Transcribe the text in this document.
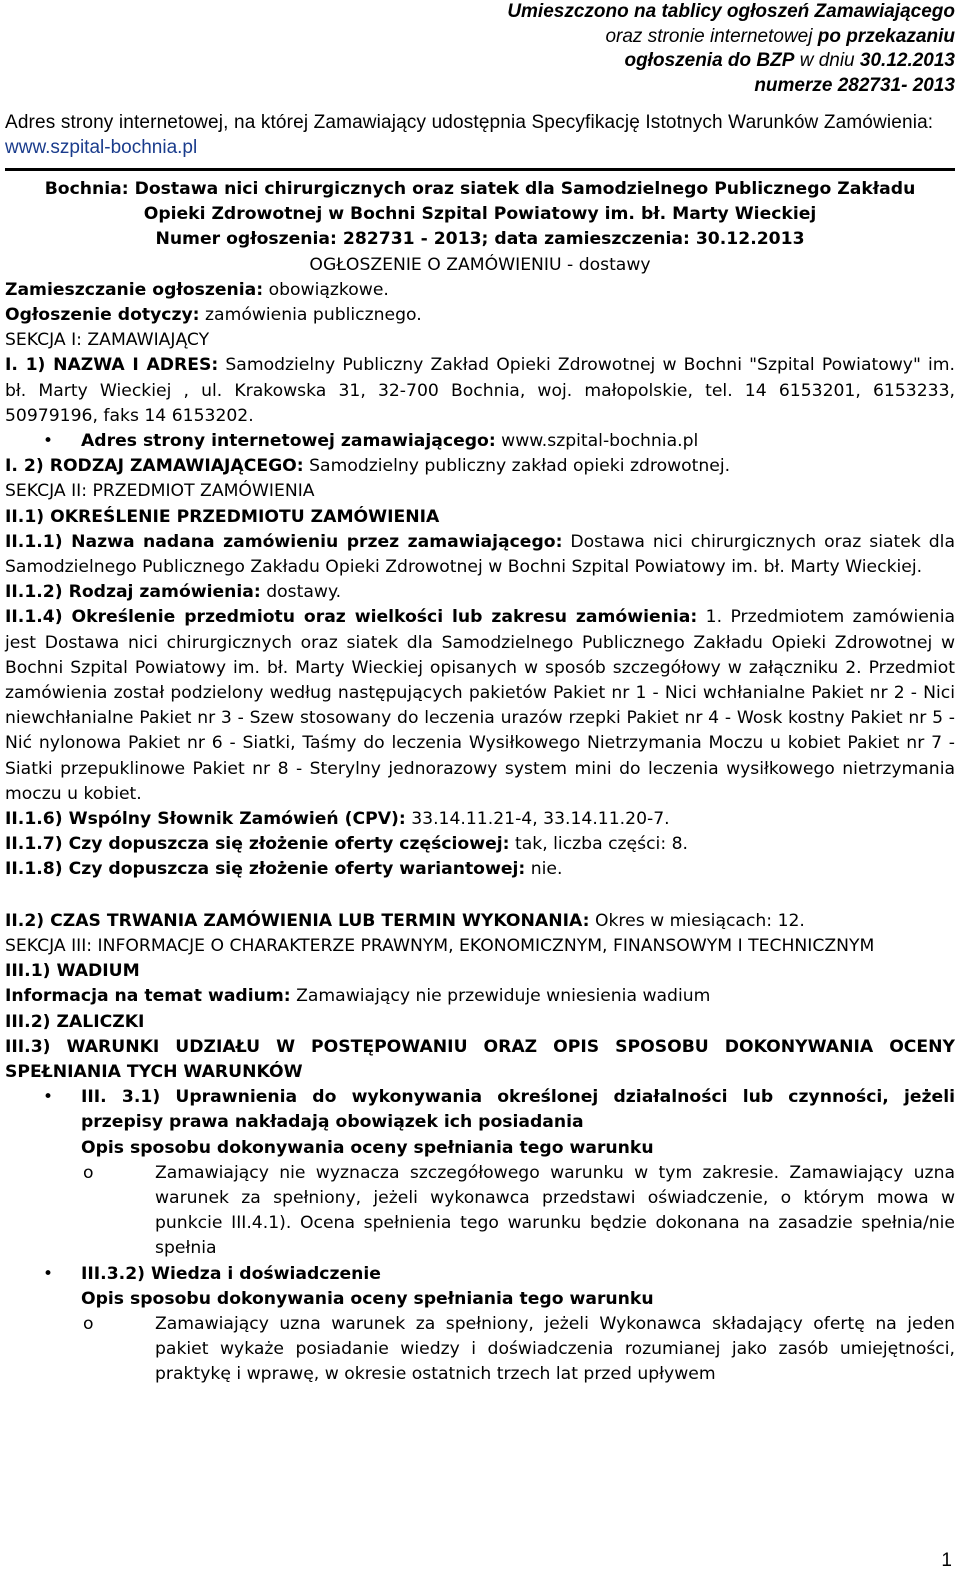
Umieszczono na tablicy ogłoszeń Zamawiającego
oraz stronie internetowej po przekazaniu
ogłoszenia do BZP w dniu 30.12.2013
numerze 282731- 2013
Adres strony internetowej, na której Zamawiający udostępnia Specyfikację Istotnych Warunków Zamówienia:
www.szpital-bochnia.pl
Bochnia: Dostawa nici chirurgicznych oraz siatek dla Samodzielnego Publicznego Zakładu
Opieki Zdrowotnej w Bochni Szpital Powiatowy im. bł. Marty Wieckiej
Numer ogłoszenia: 282731 - 2013; data zamieszczenia: 30.12.2013
OGŁOSZENIE O ZAMÓWIENIU - dostawy

Zamieszczanie ogłoszenia: obowiązkowe.

Ogłoszenie dotyczy: zamówienia publicznego.

SEKCJA I: ZAMAWIAJĄCY

I. 1) NAZWA I ADRES: Samodzielny Publiczny Zakład Opieki Zdrowotnej w Bochni "Szpital Powiatowy" im. bł. Marty Wieckiej , ul. Krakowska 31, 32-700 Bochnia, woj. małopolskie, tel. 14 6153201, 6153233, 50979196, faks 14 6153202.

• Adres strony internetowej zamawiającego: www.szpital-bochnia.pl

I. 2) RODZAJ ZAMAWIAJĄCEGO: Samodzielny publiczny zakład opieki zdrowotnej.

SEKCJA II: PRZEDMIOT ZAMÓWIENIA

II.1) OKREŚLENIE PRZEDMIOTU ZAMÓWIENIA

II.1.1) Nazwa nadana zamówieniu przez zamawiającego: Dostawa nici chirurgicznych oraz siatek dla Samodzielnego Publicznego Zakładu Opieki Zdrowotnej w Bochni Szpital Powiatowy im. bł. Marty Wieckiej.

II.1.2) Rodzaj zamówienia: dostawy.

II.1.4) Określenie przedmiotu oraz wielkości lub zakresu zamówienia: 1. Przedmiotem zamówienia jest Dostawa nici chirurgicznych oraz siatek dla Samodzielnego Publicznego Zakładu Opieki Zdrowotnej w Bochni Szpital Powiatowy im. bł. Marty Wieckiej opisanych w sposób szczegółowy w załączniku 2. Przedmiot zamówienia został podzielony według następujących pakietów Pakiet nr 1 - Nici wchłanialne Pakiet nr 2 - Nici niewchłanialne Pakiet nr 3 - Szew stosowany do leczenia urazów rzepki Pakiet nr 4 - Wosk kostny Pakiet nr 5 - Nić nylonowa Pakiet nr 6 - Siatki, Taśmy do leczenia Wysiłkowego Nietrzymania Moczu u kobiet Pakiet nr 7 - Siatki przepuklinowe Pakiet nr 8 - Sterylny jednorazowy system mini do leczenia wysiłkowego nietrzymania moczu u kobiet.

II.1.6) Wspólny Słownik Zamówień (CPV): 33.14.11.21-4, 33.14.11.20-7.

II.1.7) Czy dopuszcza się złożenie oferty częściowej: tak, liczba części: 8.

II.1.8) Czy dopuszcza się złożenie oferty wariantowej: nie.

II.2) CZAS TRWANIA ZAMÓWIENIA LUB TERMIN WYKONANIA: Okres w miesiącach: 12.

SEKCJA III: INFORMACJE O CHARAKTERZE PRAWNYM, EKONOMICZNYM, FINANSOWYM I TECHNICZNYM

III.1) WADIUM

Informacja na temat wadium: Zamawiający nie przewiduje wniesienia wadium

III.2) ZALICZKI

III.3) WARUNKI UDZIAŁU W POSTĘPOWANIU ORAZ OPIS SPOSOBU DOKONYWANIA OCENY SPEŁNIANIA TYCH WARUNKÓW

• III. 3.1) Uprawnienia do wykonywania określonej działalności lub czynności, jeżeli przepisy prawa nakładają obowiązek ich posiadania

Opis sposobu dokonywania oceny spełniania tego warunku

o Zamawiający nie wyznacza szczegółowego warunku w tym zakresie. Zamawiający uzna warunek za spełniony, jeżeli wykonawca przedstawi oświadczenie, o którym mowa w punkcie III.4.1). Ocena spełnienia tego warunku będzie dokonana na zasadzie spełnia/nie spełnia
• III.3.2) Wiedza i doświadczenie

Opis sposobu dokonywania oceny spełniania tego warunku

o Zamawiający uzna warunek za spełniony, jeżeli Wykonawca składający ofertę na jeden pakiet wykaże posiadanie wiedzy i doświadczenia rozumianej jako zasób umiejętności, praktykę i wprawę, w okresie ostatnich trzech lat przed upływem
1
